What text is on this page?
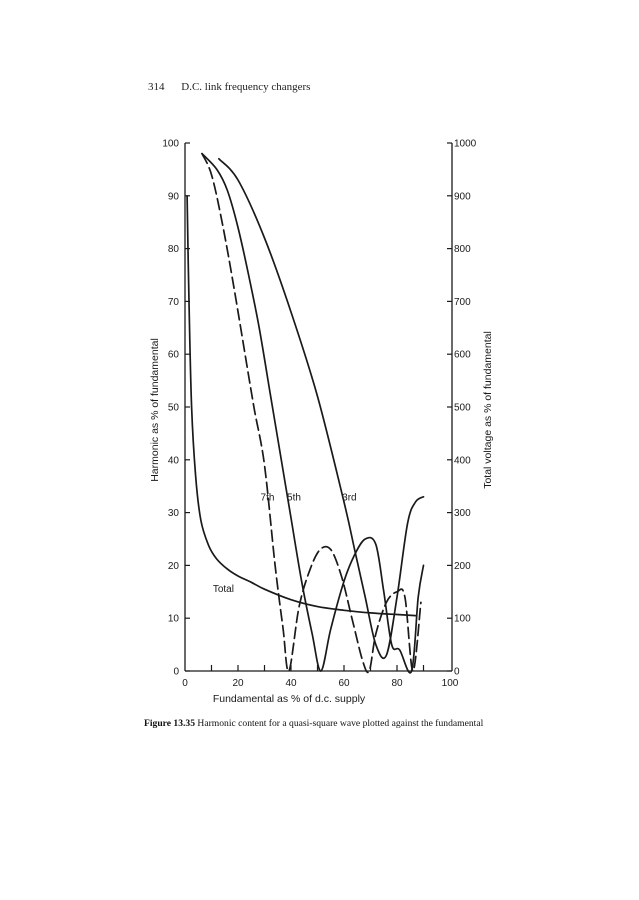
314 D.C. link frequency changers
0
10
20
30
40
50
60
70
80
90
100
0
100
200
300
400
500
600
700
800
900
1000
0	20	40	60	80	100
7th 5th	3rd
Total
Fundamental as % of d.c. supply
Harmonic as % of fundamental	Total voltage as % of fundamental
Figure 13.35 Harmonic content for a quasi-square wave plotted against the fundamental
